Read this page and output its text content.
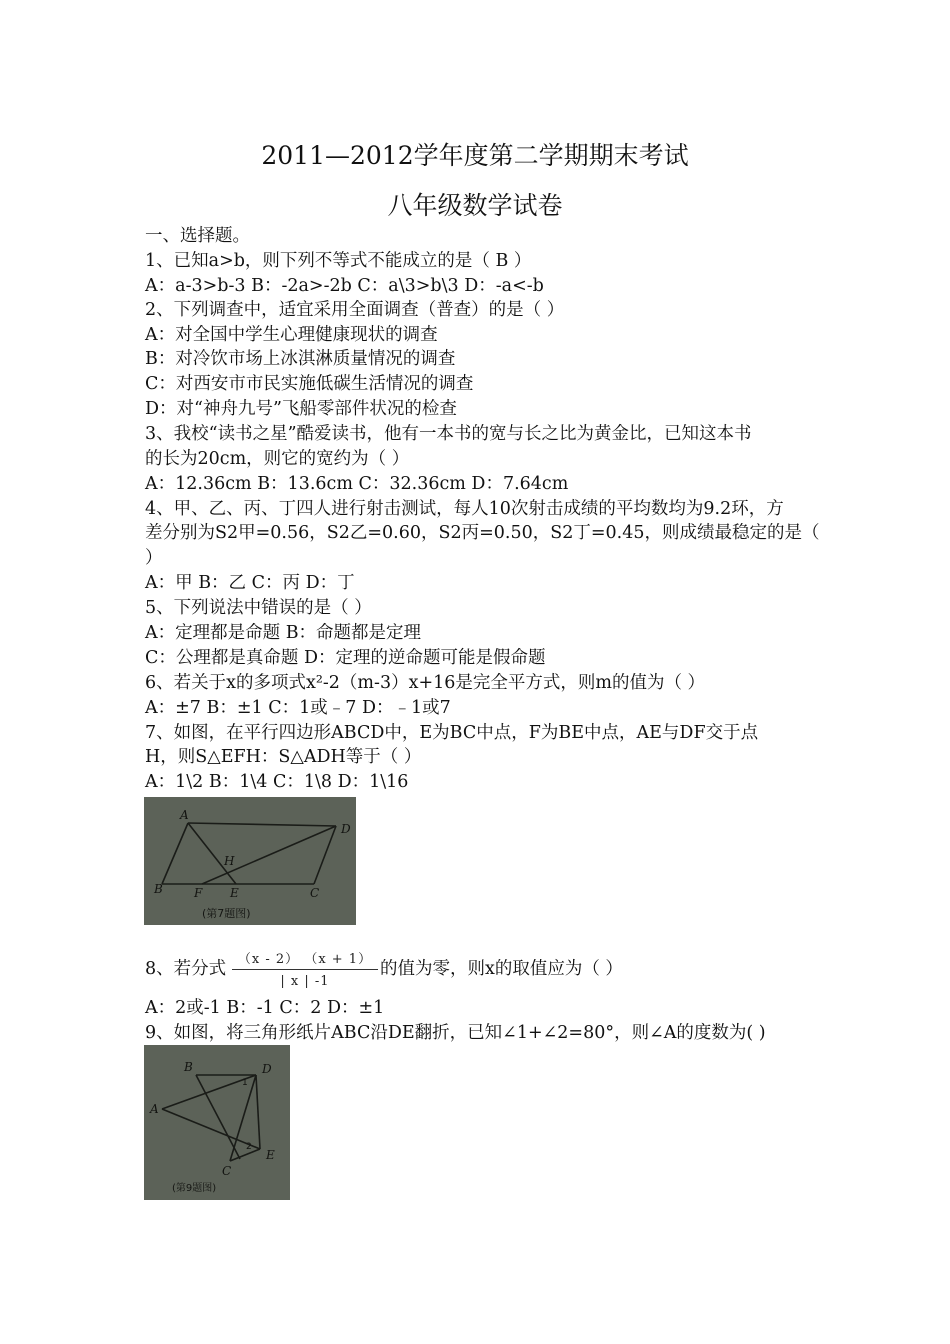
2011—2012学年度第二学期期末考试
八年级数学试卷
一、选择题。
1、已知a>b，则下列不等式不能成立的是（ B ）
A：a-3>b-3 B：-2a>-2b C：a\3>b\3 D：-a<-b
2、下列调查中，适宜采用全面调查（普查）的是（ ）
A：对全国中学生心理健康现状的调查
B：对冷饮市场上冰淇淋质量情况的调查
C：对西安市市民实施低碳生活情况的调查
D：对“神舟九号”飞船零部件状况的检查
3、我校“读书之星”酷爱读书，他有一本书的宽与长之比为黄金比，已知这本书
的长为20cm，则它的宽约为（ ）
A：12.36cm B：13.6cm C：32.36cm D：7.64cm
4、甲、乙、丙、丁四人进行射击测试，每人10次射击成绩的平均数均为9.2环，方
差分别为S2甲=0.56，S2乙=0.60，S2丙=0.50，S2丁=0.45，则成绩最稳定的是（
）
A：甲 B：乙 C：丙 D：丁
5、下列说法中错误的是（ ）
A：定理都是命题 B：命题都是定理
C：公理都是真命题 D：定理的逆命题可能是假命题
6、若关于x的多项式x²-2（m-3）x+16是完全平方式，则m的值为（ ）
A：±7 B：±1 C：1或﹣7 D：﹣1或7
7、如图，在平行四边形ABCD中，E为BC中点，F为BE中点，AE与DF交于点
H，则S△EFH：S△ADH等于（ ）
A：1\2 B：1\4 C：1\8 D：1\16
A
D
H
B	F E	C
(第7题图)
8、若分式 （x - 2） （x + 1）
| x | -1
的值为零，则x的取值应为（ ）
A：2或-1 B：-1 C：2 D：±1
9、如图，将三角形纸片ABC沿DE翻折，已知∠1+∠2=80°，则∠A的度数为( )
B	D
A
C
E
1
2
(第9题图)
